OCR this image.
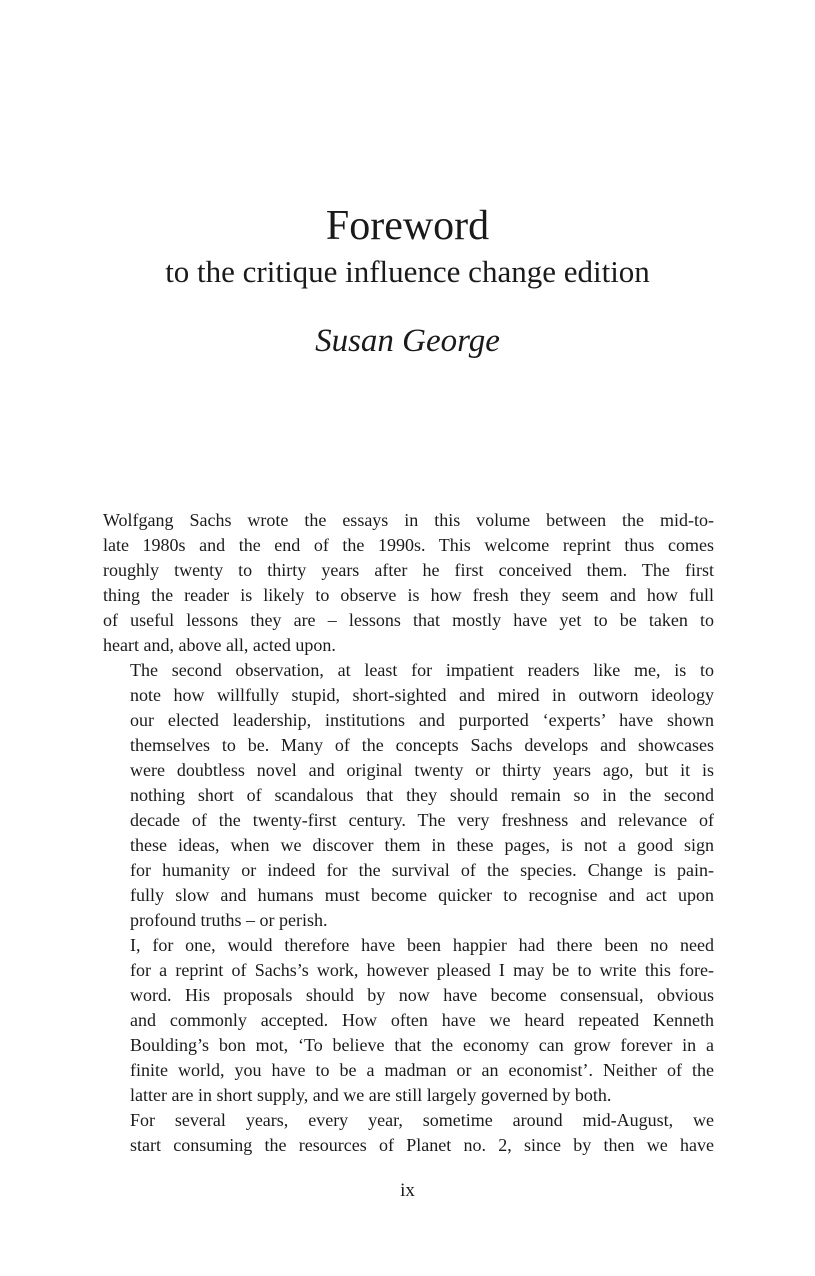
Foreword
to the critique influence change edition
Susan George

Wolfgang Sachs wrote the essays in this volume between the mid-to-
late 1980s and the end of the 1990s. This welcome reprint thus comes
roughly twenty to thirty years after he first conceived them. The first
thing the reader is likely to observe is how fresh they seem and how full
of useful lessons they are – lessons that mostly have yet to be taken to
heart and, above all, acted upon.

The second observation, at least for impatient readers like me, is to
note how willfully stupid, short-sighted and mired in outworn ideology
our elected leadership, institutions and purported ‘experts’ have shown
themselves to be. Many of the concepts Sachs develops and showcases
were doubtless novel and original twenty or thirty years ago, but it is
nothing short of scandalous that they should remain so in the second
decade of the twenty-first century. The very freshness and relevance of
these ideas, when we discover them in these pages, is not a good sign
for humanity or indeed for the survival of the species. Change is pain-
fully slow and humans must become quicker to recognise and act upon
profound truths – or perish.

I, for one, would therefore have been happier had there been no need
for a reprint of Sachs’s work, however pleased I may be to write this fore-
word. His proposals should by now have become consensual, obvious
and commonly accepted. How often have we heard repeated Kenneth
Boulding’s bon mot, ‘To believe that the economy can grow forever in a
finite world, you have to be a madman or an economist’. Neither of the
latter are in short supply, and we are still largely governed by both.

For several years, every year, sometime around mid-August, we
start consuming the resources of Planet no. 2, since by then we have

ix
